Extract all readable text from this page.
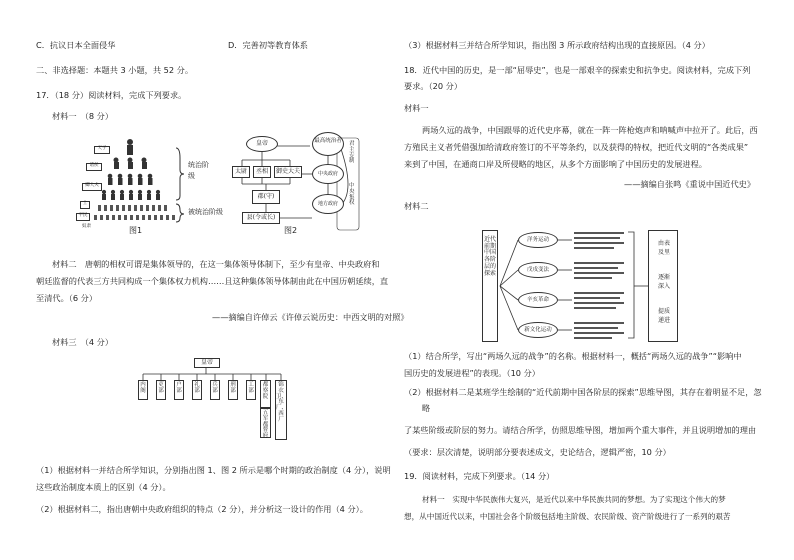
C．抗议日本全面侵华	D．完善初等教育体系
二、非选择题：本题共 3 小题，共 52 分。
17．（18 分）阅读材料，完成下列要求。
材料一　（8 分）
天子
诸侯
卿大夫
士
平民
奴隶
统治阶级
被统治阶级
图1
皇帝
太尉	丞相	御史大夫
最高统治者
中央政府
郡(守)
地方政府
县(令或长)
君主专制
中央集权
图2
材料二　唐朝的相权可谓是集体领导的，在这一集体领导体制下，至少有皇帝、中央政府和
朝廷监督的代表三方共同构成一个集体权力机构……且这种集体领导体制由此在中国历朝延续，直
至清代。（6 分）
——摘编自许倬云《许倬云说历史：中西文明的对照》
材料三　（4 分）
皇帝
内阁
吏部
户部
礼部
兵部
刑部
工部
都察院
五军都督府
锦衣卫、东厂、西厂
（1）根据材料一并结合所学知识，分别指出图 1、图 2 所示是哪个时期的政治制度（4 分），说明
这些政治制度本质上的区别（4 分）。
（2）根据材料二，指出唐朝中央政府组织的特点（2 分），并分析这一设计的作用（4 分）。
（3）根据材料三并结合所学知识，指出图 3 所示政府结构出现的直接原因。（4 分）
18．近代中国的历史，是一部“屈辱史”，也是一部艰辛的探索史和抗争史。阅读材料，完成下列
要求。（20 分）
材料一
两场久远的战争，中国跟辱的近代史序幕，就在一阵一阵枪炮声和呐喊声中拉开了。此后，西
方殖民主义者凭借强加给清政府签订的不平等条约，以及获得的特权，把近代文明的“各类成果”
来到了中国，在通商口岸及所侵略的地区，从多个方面影响了中国历史的发展进程。
——摘编自张鸣《重说中国近代史》
材料二
近代前期中国各阶层的探索
洋务运动
戊戌变法
辛亥革命
新文化运动
由表及里
逐渐深入
提质递进
（1）结合所学，写出“两场久远的战争”的名称。根据材料一，概括“两场久远的战争”“影响中
国历史的发展进程”的表现。（10 分）
（2）根据材料二是某班学生绘制的“近代前期中国各阶层的探索”思维导图，其存在着明显不足，忽
略
了某些阶级或阶层的努力。请结合所学，仿照思维导图，增加两个重大事件，并且说明增加的理由
（要求：层次清楚，说明部分要表述成文，史论结合，逻辑严密，10 分）
19．阅读材料，完成下列要求。（14 分）
材料一　实现中华民族伟大复兴，是近代以来中华民族共同的梦想。为了实现这个伟大的梦
想，从中国近代以来，中国社会各个阶级包括地主阶级、农民阶级、资产阶级进行了一系列的艰苦
